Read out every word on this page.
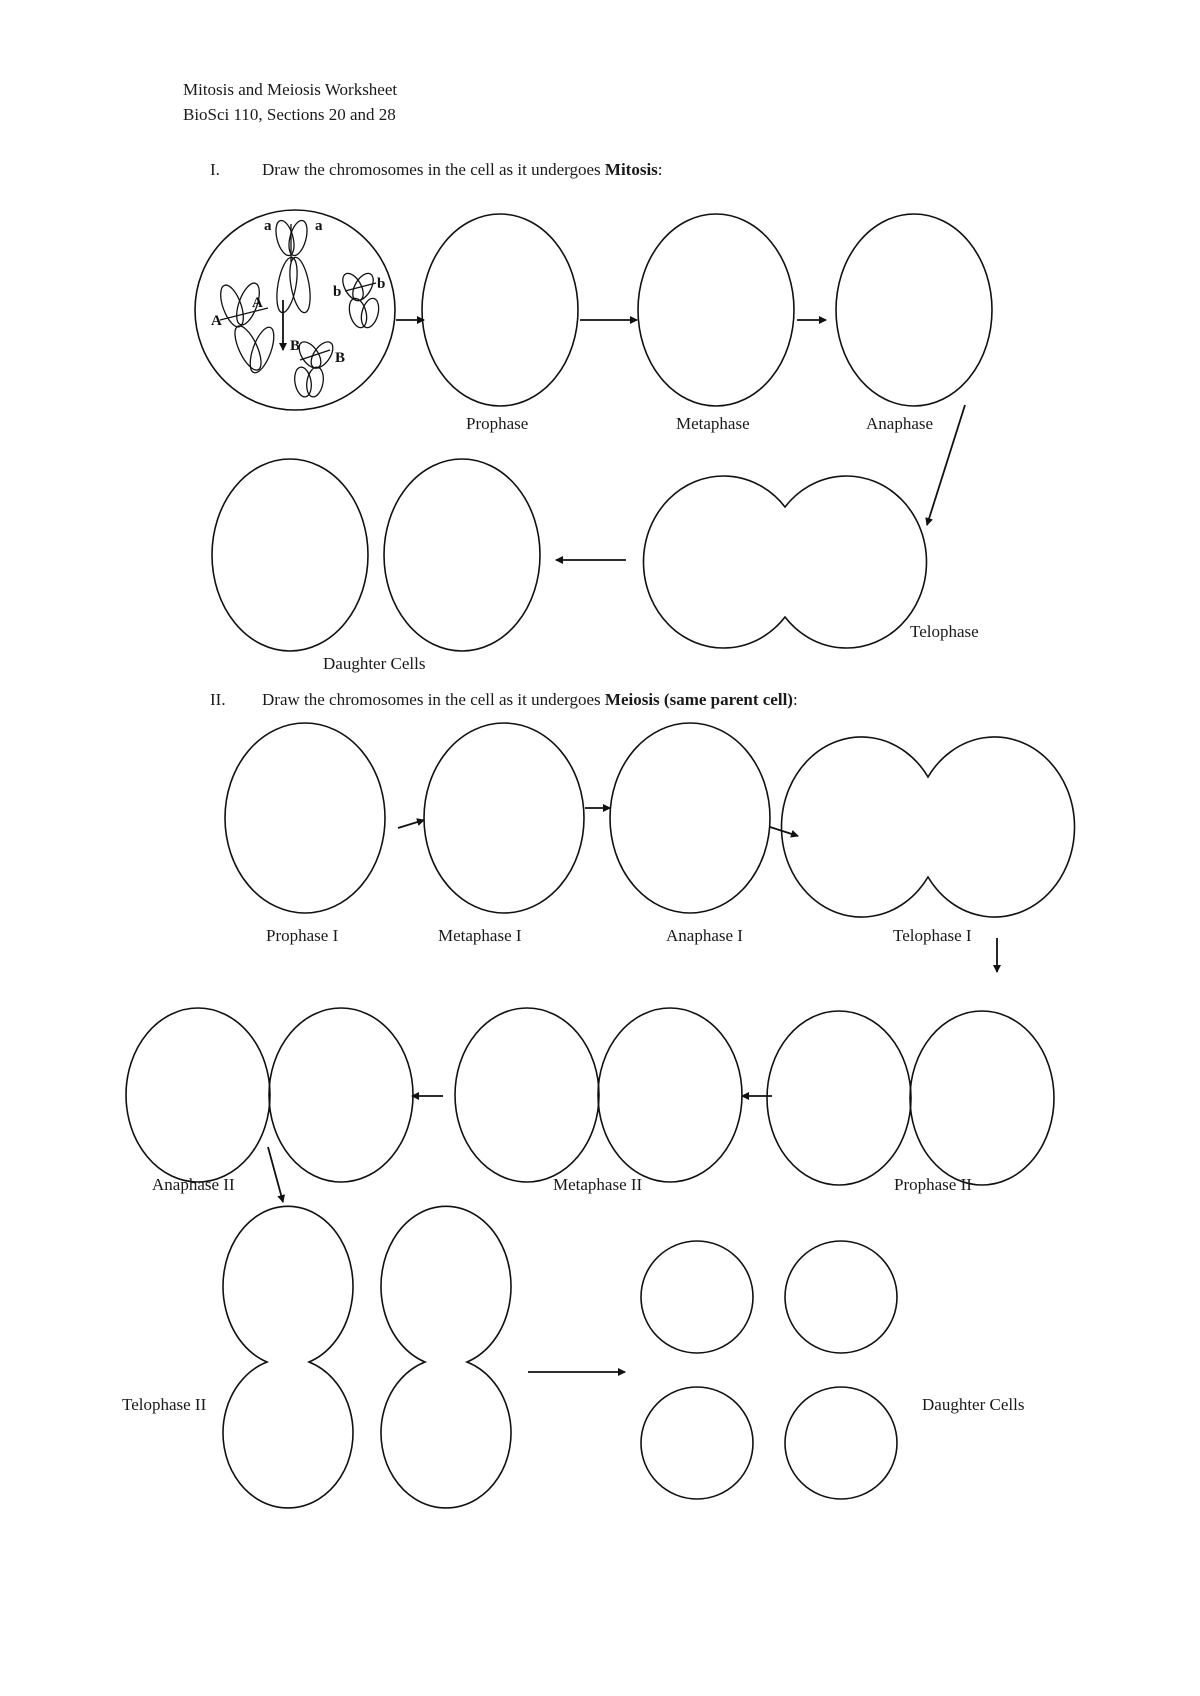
Mitosis and Meiosis Worksheet
BioSci 110, Sections 20 and 28
I. Draw the chromosomes in the cell as it undergoes Mitosis:
II. Draw the chromosomes in the cell as it undergoes Meiosis (same parent cell):
a	a
A
A
b b
B
B
Prophase	Metaphase	Anaphase
Telophase
Daughter Cells
Prophase I	Metaphase I	Anaphase I	Telophase I
Anaphase II	Metaphase II	Prophase II
Telophase II	Daughter Cells
